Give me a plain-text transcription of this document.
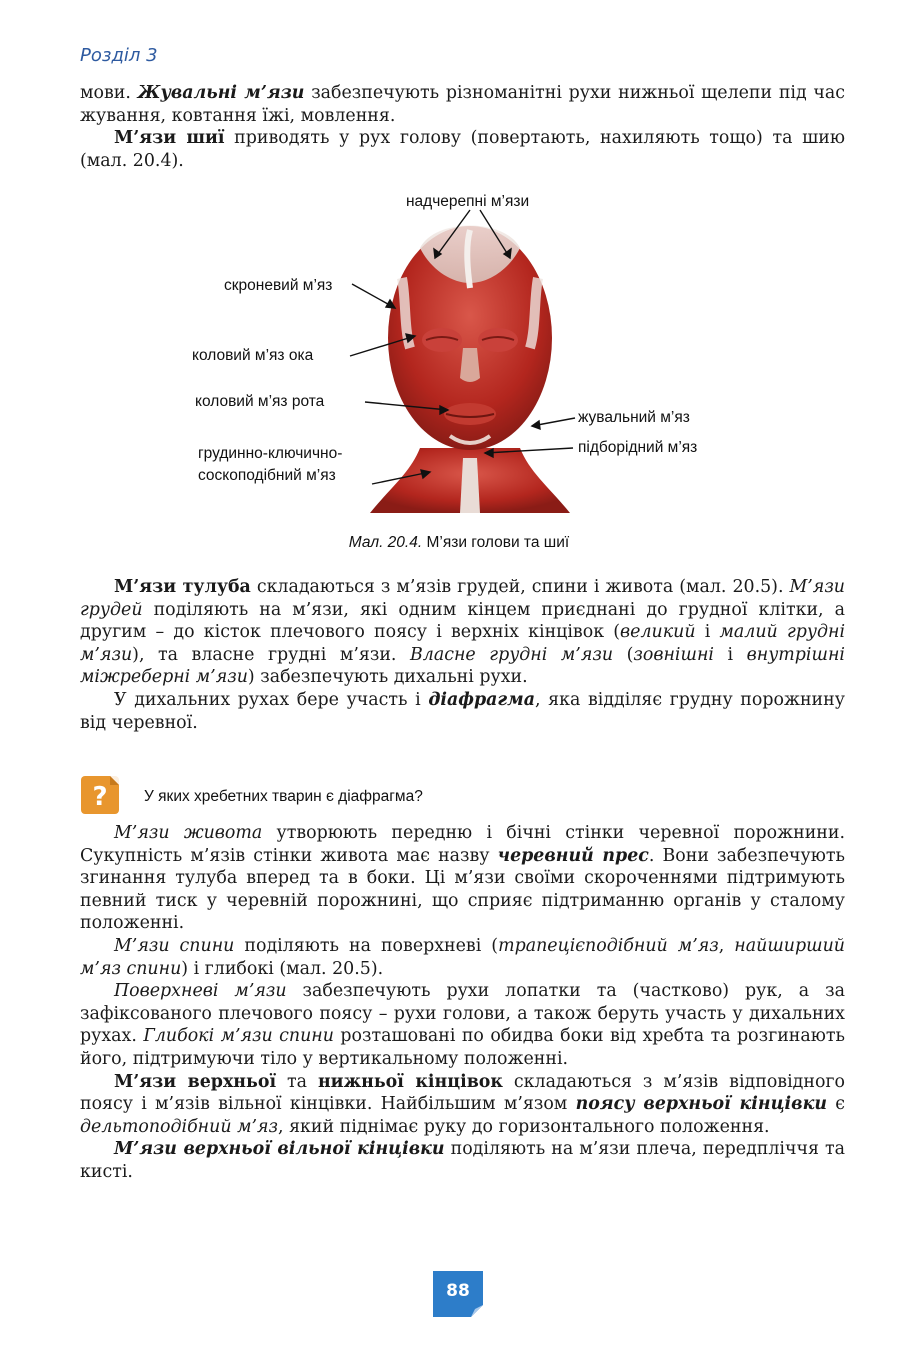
Розділ 3

мови. Жувальні м’язи забезпечують різноманітні рухи нижньої щелепи під час жування, ковтання їжі, мовлення.

М’язи шиї приводять у рух голову (повертають, нахиляють тощо) та шию (мал. 20.4).

надчерепні м’язи
скроневий м’яз
коловий м’яз ока
коловий м’яз рота
грудинно-ключично-
соскоподібний м’яз
жувальний м’яз
підборідний м’яз
Мал. 20.4. М’язи голови та шиї

М’язи тулуба складаються з м’язів грудей, спини і живота (мал. 20.5). М’язи грудей поділяють на м’язи, які одним кінцем приєднані до грудної клітки, а другим – до кісток плечового поясу і верхніх кінцівок (великий і малий грудні м’язи), та власне грудні м’язи. Власне грудні м’язи (зовнішні і внутрішні міжреберні м’язи) забезпечують дихальні рухи.

У дихальних рухах бере участь і діафрагма, яка відділяє грудну порожнину від черевної.

? У яких хребетних тварин є діафрагма?

М’язи живота утворюють передню і бічні стінки черевної порожнини. Сукупність м’язів стінки живота має назву черевний прес. Вони забезпечують згинання тулуба вперед та в боки. Ці м’язи своїми скороченнями підтримують певний тиск у черевній порожнині, що сприяє підтриманню органів у сталому положенні.

М’язи спини поділяють на поверхневі (трапецієподібний м’яз, найширший м’яз спини) і глибокі (мал. 20.5).

Поверхневі м’язи забезпечують рухи лопатки та (частково) рук, а за зафіксованого плечового поясу – рухи голови, а також беруть участь у дихальних рухах. Глибокі м’язи спини розташовані по обидва боки від хребта та розгинають його, підтримуючи тіло у вертикальному положенні.

М’язи верхньої та нижньої кінцівок складаються з м’язів відповідного поясу і м’язів вільної кінцівки. Найбільшим м’язом поясу верхньої кінцівки є дельтоподібний м’яз, який піднімає руку до горизонтального положення.

М’язи верхньої вільної кінцівки поділяють на м’язи плеча, передпліччя та кисті.

88
